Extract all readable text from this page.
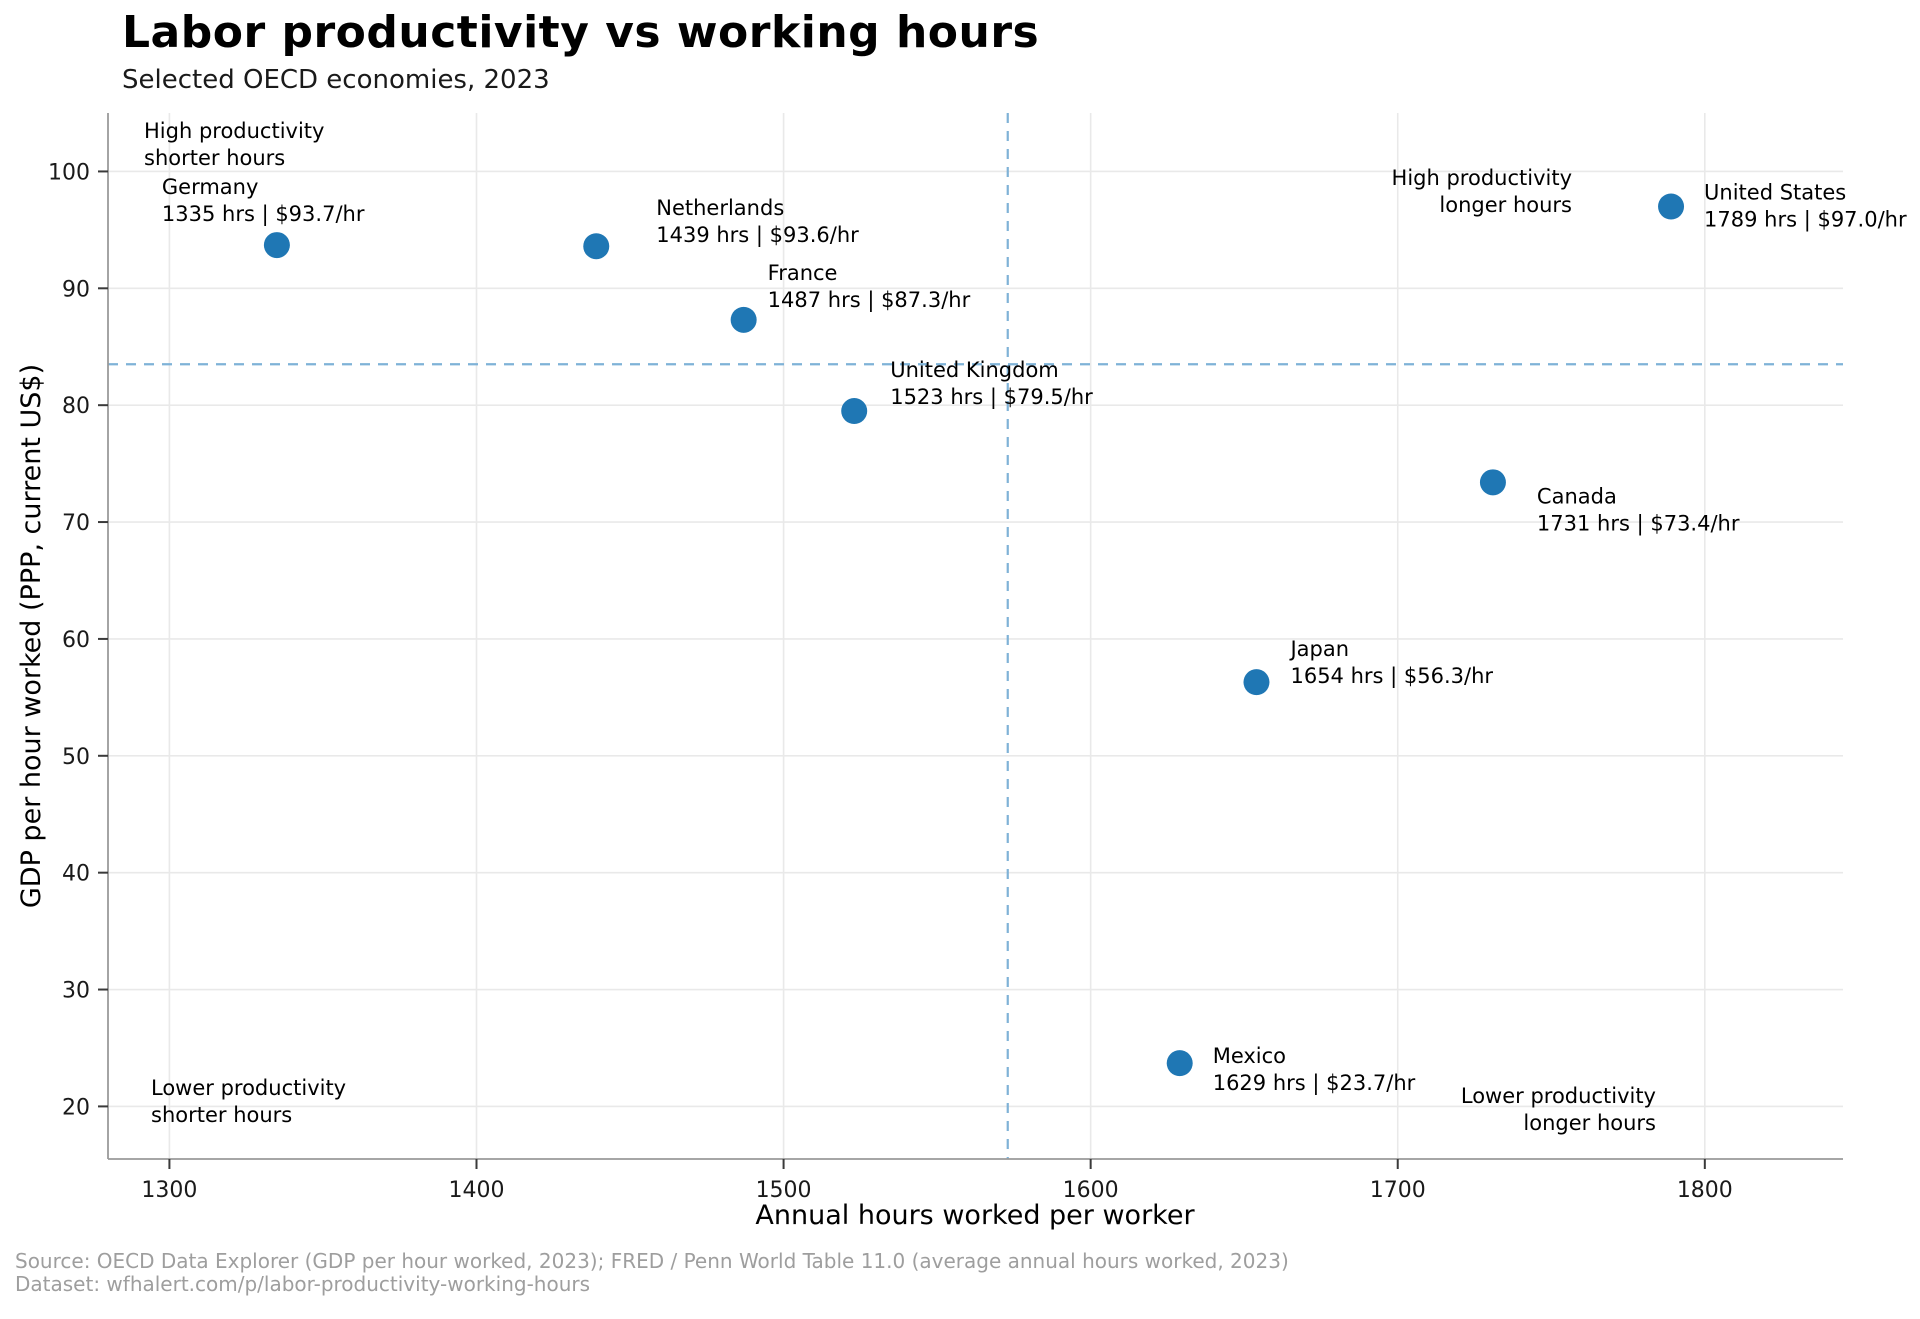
Labor productivity vs working hours
Selected OECD economies, 2023
1300	1400	1500	1600	1700	1800
20
30
40
50
60
70
80
90
100
High productivity
shorter hours
High productivity
longer hours
Lower productivity
shorter hours
Lower productivity
longer hours
Germany
1335 hrs | $93.7/hr	Netherlands
1439 hrs | $93.6/hr
France
1487 hrs | $87.3/hr
United Kingdom
1523 hrs | $79.5/hr
United States
1789 hrs | $97.0/hr
Canada
1731 hrs | $73.4/hr
Japan
1654 hrs | $56.3/hr
Mexico
1629 hrs | $23.7/hr
Annual hours worked per worker
GDP per hour worked (PPP, current US$)
Source: OECD Data Explorer (GDP per hour worked, 2023); FRED / Penn World Table 11.0 (average annual hours worked, 2023)
Dataset: wfhalert.com/p/labor-productivity-working-hours
